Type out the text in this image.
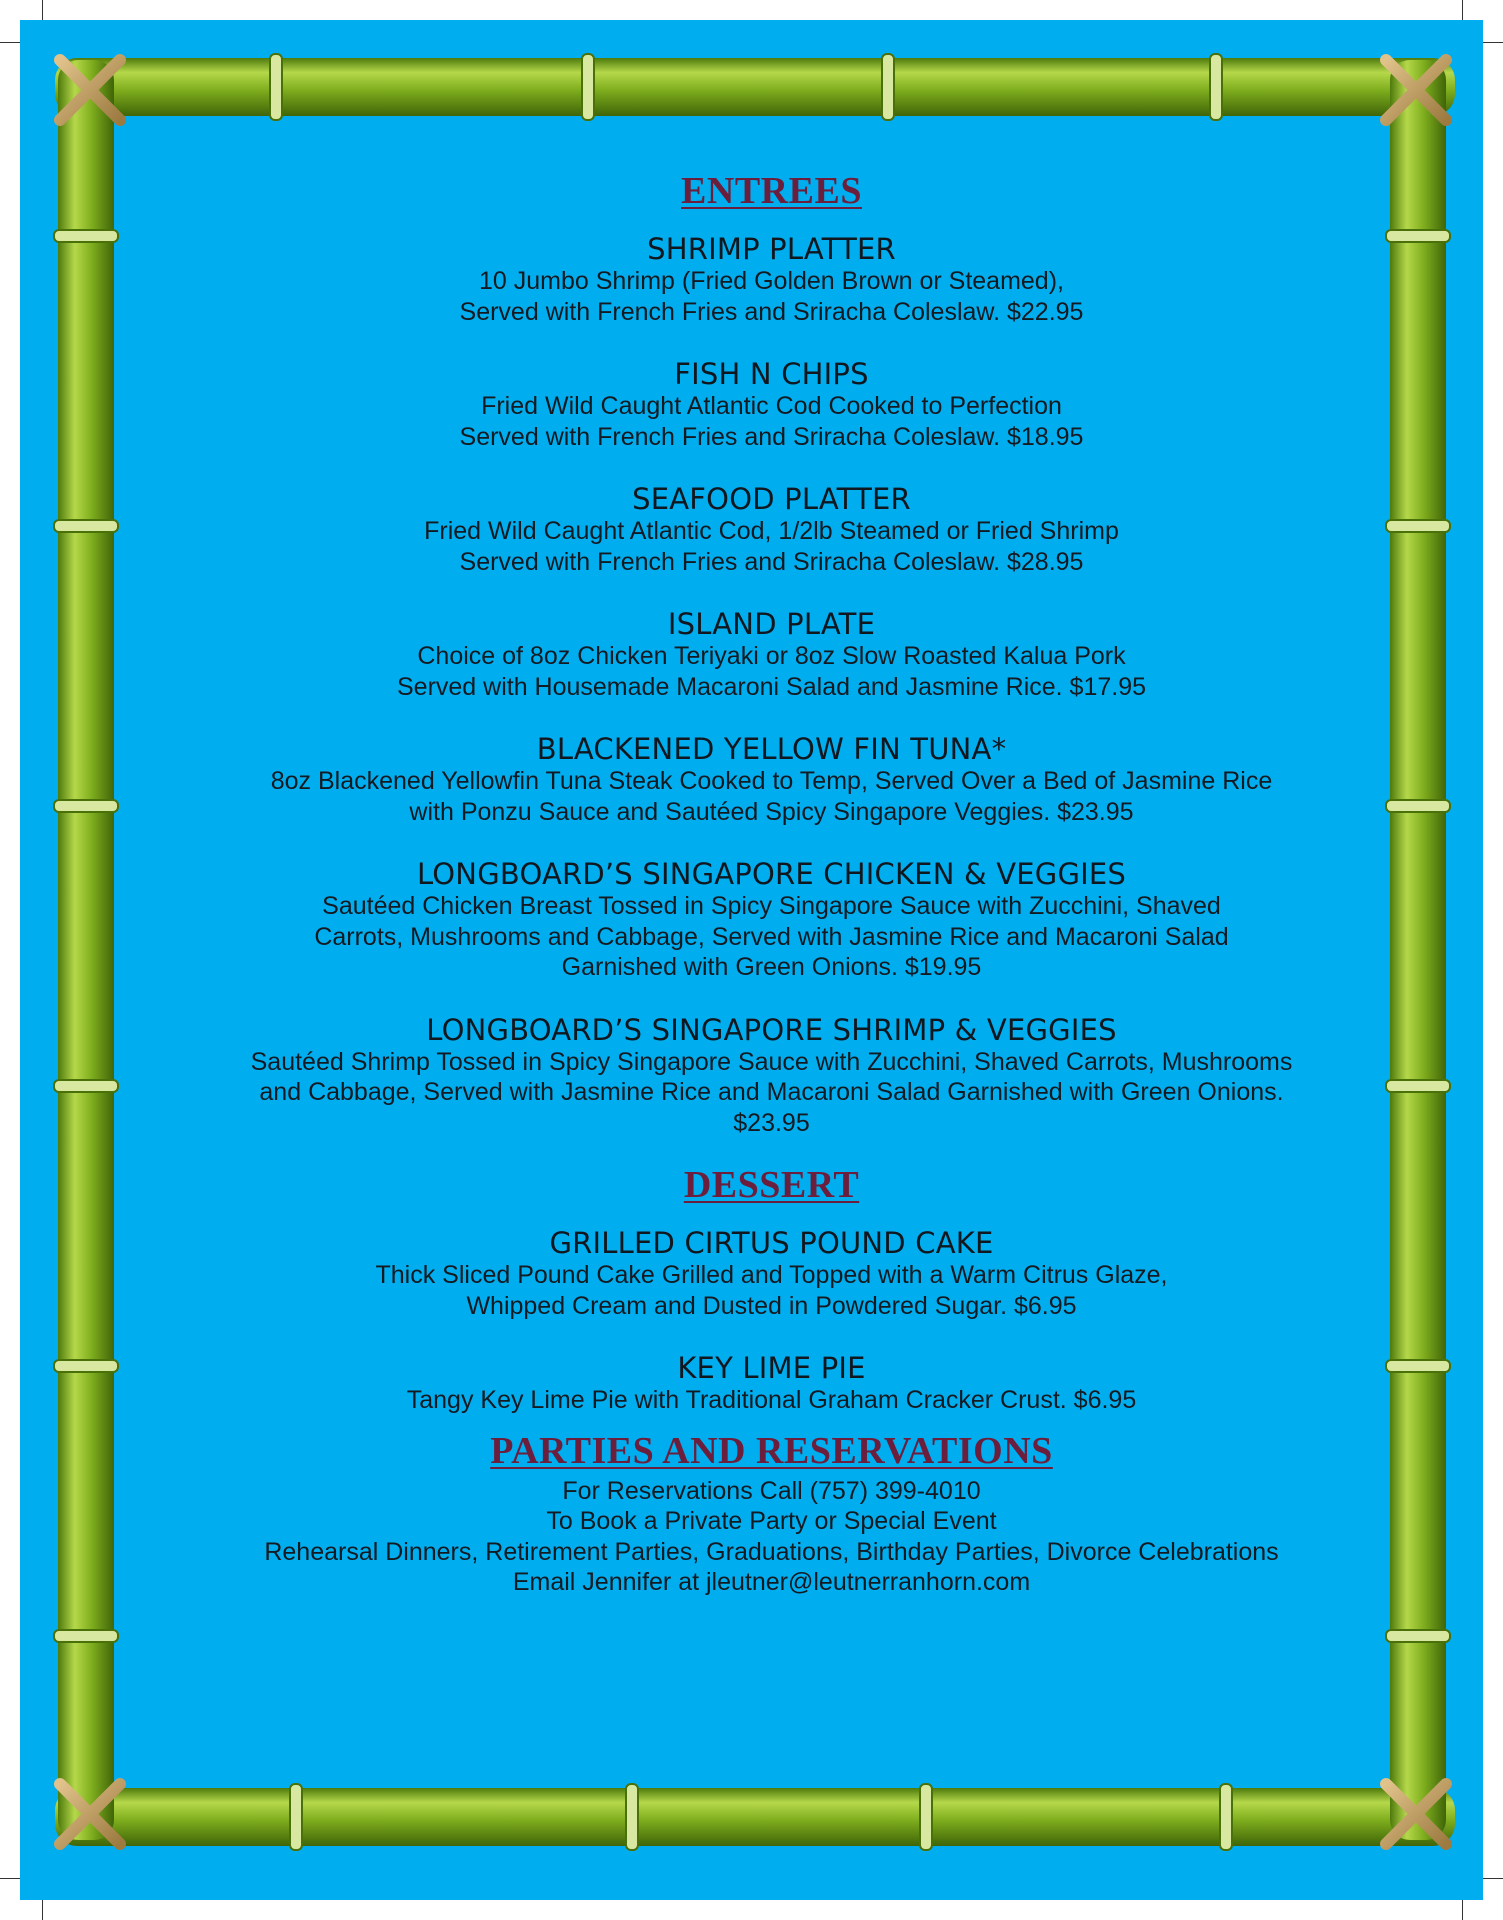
ENTREES
SHRIMP PLATTER
10 Jumbo Shrimp (Fried Golden Brown or Steamed),
Served with French Fries and Sriracha Coleslaw. $22.95
FISH N CHIPS
Fried Wild Caught Atlantic Cod Cooked to Perfection
Served with French Fries and Sriracha Coleslaw. $18.95
SEAFOOD PLATTER
Fried Wild Caught Atlantic Cod, 1/2lb Steamed or Fried Shrimp
Served with French Fries and Sriracha Coleslaw. $28.95
ISLAND PLATE
Choice of 8oz Chicken Teriyaki or 8oz Slow Roasted Kalua Pork
Served with Housemade Macaroni Salad and Jasmine Rice. $17.95
BLACKENED YELLOW FIN TUNA*
8oz Blackened Yellowfin Tuna Steak Cooked to Temp, Served Over a Bed of Jasmine Rice
with Ponzu Sauce and Sautéed Spicy Singapore Veggies. $23.95
LONGBOARD’S SINGAPORE CHICKEN & VEGGIES
Sautéed Chicken Breast Tossed in Spicy Singapore Sauce with Zucchini, Shaved
Carrots, Mushrooms and Cabbage, Served with Jasmine Rice and Macaroni Salad
Garnished with Green Onions. $19.95
LONGBOARD’S SINGAPORE SHRIMP & VEGGIES
Sautéed Shrimp Tossed in Spicy Singapore Sauce with Zucchini, Shaved Carrots, Mushrooms
and Cabbage, Served with Jasmine Rice and Macaroni Salad Garnished with Green Onions.
$23.95
DESSERT
GRILLED CIRTUS POUND CAKE
Thick Sliced Pound Cake Grilled and Topped with a Warm Citrus Glaze,
Whipped Cream and Dusted in Powdered Sugar. $6.95
KEY LIME PIE
Tangy Key Lime Pie with Traditional Graham Cracker Crust. $6.95
PARTIES AND RESERVATIONS
For Reservations Call (757) 399-4010
To Book a Private Party or Special Event
Rehearsal Dinners, Retirement Parties, Graduations, Birthday Parties, Divorce Celebrations
Email Jennifer at jleutner@leutnerranhorn.com
